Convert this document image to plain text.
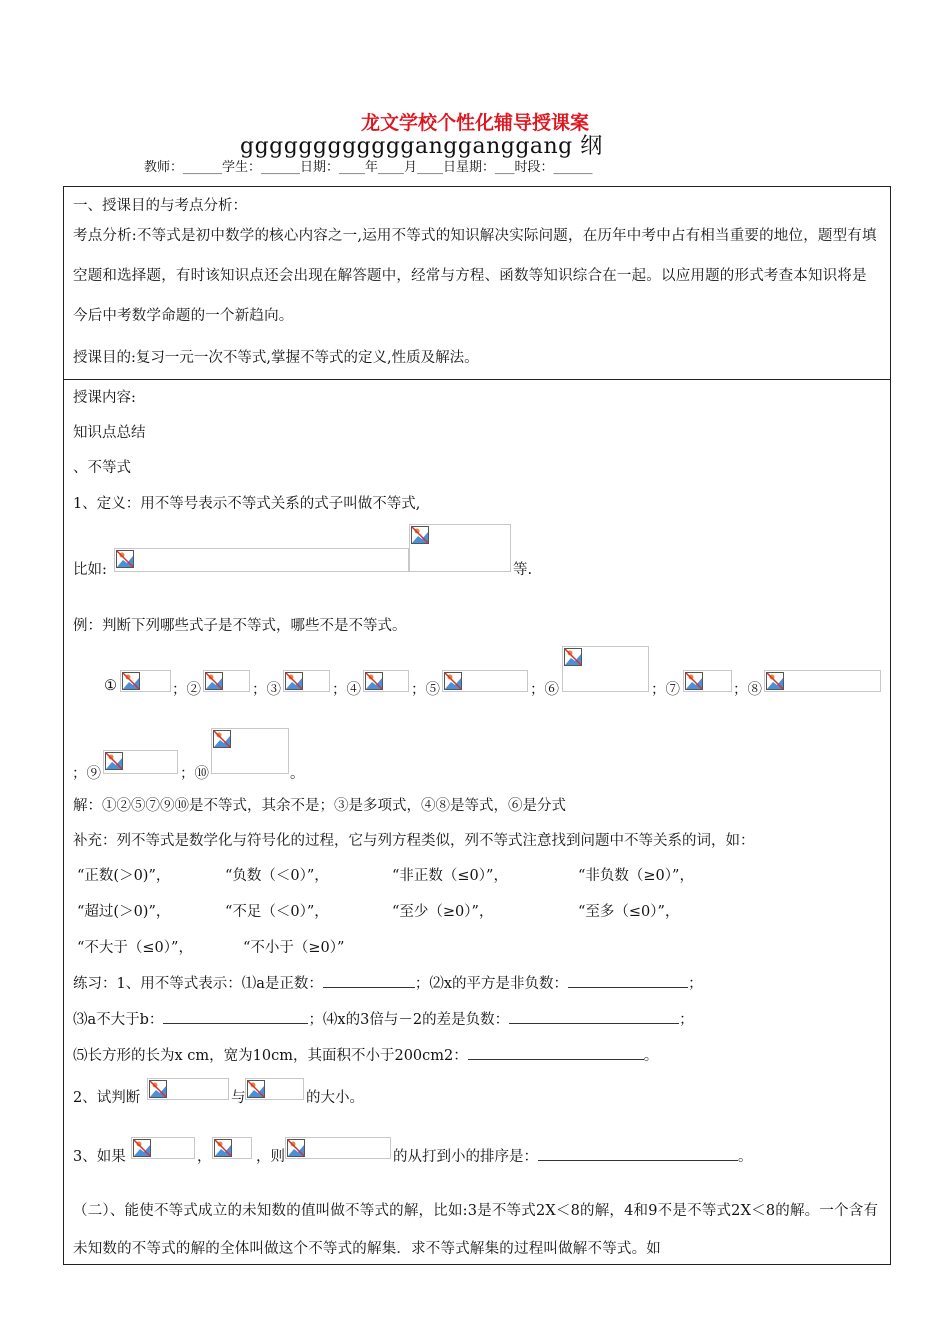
龙文学校个性化辅导授课案
ggggggggggggangganggang 纲
教师：______学生：______日期：____年____月____日星期：___时段：______
一、授课目的与考点分析：
考点分析:不等式是初中数学的核心内容之一,运用不等式的知识解决实际问题，在历年中考中占有相当重要的地位，题型有填空题和选择题，有时该知识点还会出现在解答题中，经常与方程、函数等知识综合在一起。以应用题的形式考查本知识将是今后中考数学命题的一个新趋向。
授课目的:复习一元一次不等式,掌握不等式的定义,性质及解法。
授课内容:
知识点总结
、不等式
1、定义：用不等号表示不等式关系的式子叫做不等式,
比如:	等.
例：判断下列哪些式子是不等式，哪些不是不等式。
①	；②	；③	；④	；⑤	；⑥	；⑦	；⑧
；⑨	；⑩	。
解：①②⑤⑦⑨⑩是不等式，其余不是；③是多项式，④⑧是等式，⑥是分式
补充：列不等式是数学化与符号化的过程，它与列方程类似，列不等式注意找到问题中不等关系的词，如：
“正数(＞0)”，	“负数（＜0）”，	“非正数（≤0）”，	“非负数（≥0）”，
“超过(＞0)”，	“不足（＜0）”，	“至少（≥0）”，	“至多（≤0）”，
“不大于（≤0）”，	“不小于（≥0）”
练习：1、用不等式表示：⑴a是正数：	；⑵x的平方是非负数：	；
⑶a不大于b：	；⑷x的3倍与－2的差是负数：	；
⑸长方形的长为x cm，宽为10cm，其面积不小于200cm2：	。
2、试判断	与	的大小。
3、如果	，	，则	的从打到小的排序是：	。
（二）、能使不等式成立的未知数的值叫做不等式的解，比如:3是不等式2X＜8的解，4和9不是不等式2X＜8的解。一个含有未知数的不等式的解的全体叫做这个不等式的解集．求不等式解集的过程叫做解不等式。如
